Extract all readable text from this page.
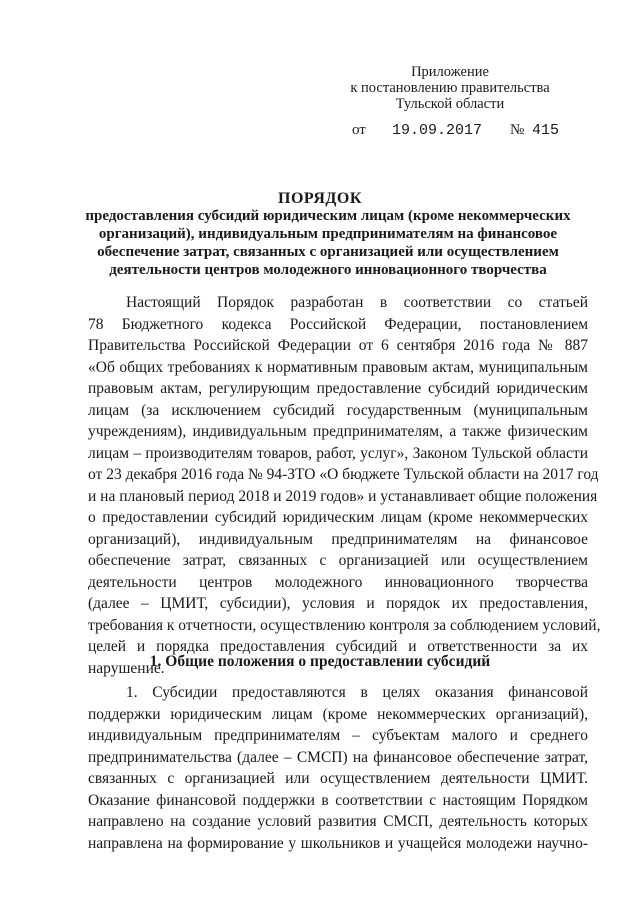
Приложение
к постановлению правительства
Тульской области
от 19.09.2017 № 415
ПОРЯДОК
предоставления субсидий юридическим лицам (кроме некоммерческих
организаций), индивидуальным предпринимателям на финансовое
обеспечение затрат, связанных с организацией или осуществлением
деятельности центров молодежного инновационного творчества
Настоящий Порядок разработан в соответствии со статьей
78 Бюджетного кодекса Российской Федерации, постановлением
Правительства Российской Федерации от 6 сентября 2016 года № 887
«Об общих требованиях к нормативным правовым актам, муниципальным
правовым актам, регулирующим предоставление субсидий юридическим
лицам (за исключением субсидий государственным (муниципальным
учреждениям), индивидуальным предпринимателям, а также физическим
лицам – производителям товаров, работ, услуг», Законом Тульской области
от 23 декабря 2016 года № 94-ЗТО «О бюджете Тульской области на 2017 год
и на плановый период 2018 и 2019 годов» и устанавливает общие положения
о предоставлении субсидий юридическим лицам (кроме некоммерческих
организаций), индивидуальным предпринимателям на финансовое
обеспечение затрат, связанных с организацией или осуществлением
деятельности центров молодежного инновационного творчества
(далее – ЦМИТ, субсидии), условия и порядок их предоставления,
требования к отчетности, осуществлению контроля за соблюдением условий,
целей и порядка предоставления субсидий и ответственности за их
нарушение.
1. Общие положения о предоставлении субсидий
1. Субсидии предоставляются в целях оказания финансовой
поддержки юридическим лицам (кроме некоммерческих организаций),
индивидуальным предпринимателям – субъектам малого и среднего
предпринимательства (далее – СМСП) на финансовое обеспечение затрат,
связанных с организацией или осуществлением деятельности ЦМИТ.
Оказание финансовой поддержки в соответствии с настоящим Порядком
направлено на создание условий развития СМСП, деятельность которых
направлена на формирование у школьников и учащейся молодежи научно-
